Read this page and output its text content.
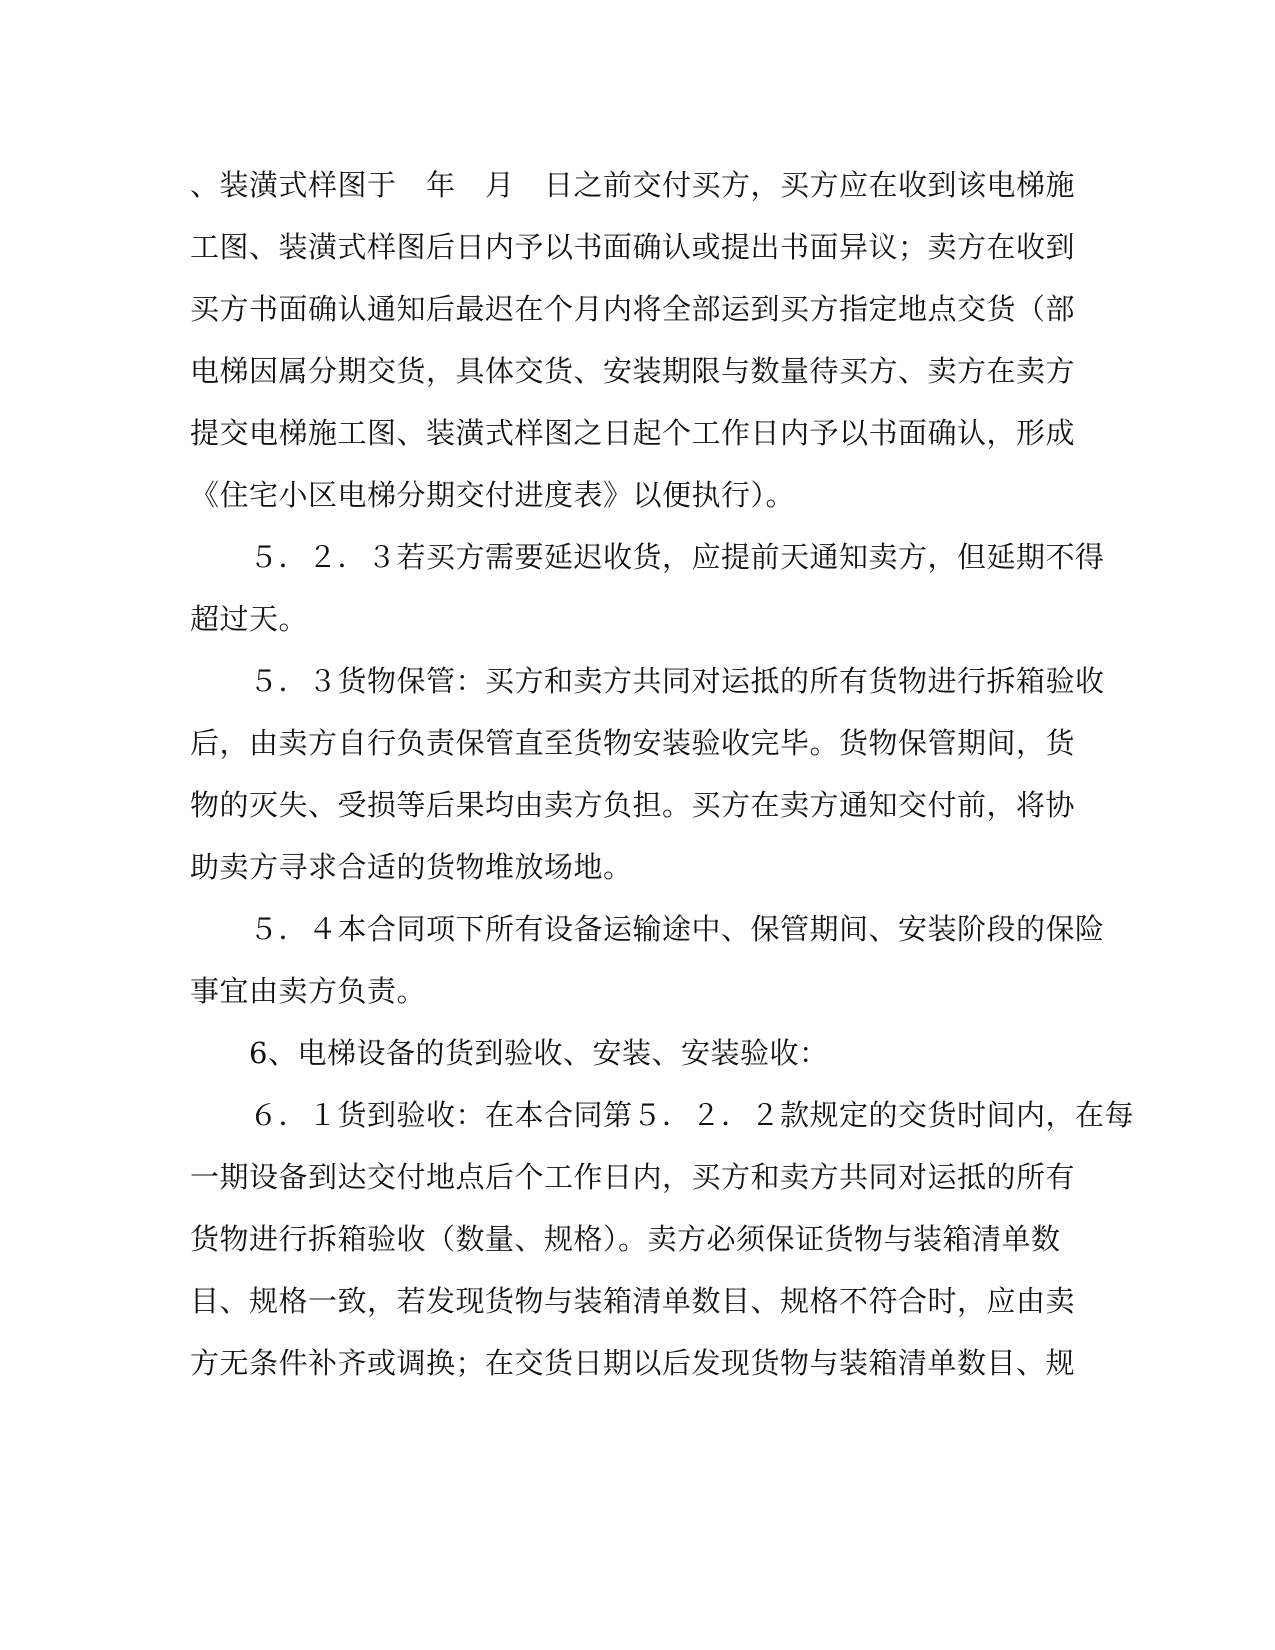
、装潢式样图于　年　月　日之前交付买方，买方应在收到该电梯施
工图、装潢式样图后日内予以书面确认或提出书面异议；卖方在收到
买方书面确认通知后最迟在个月内将全部运到买方指定地点交货（部
电梯因属分期交货，具体交货、安装期限与数量待买方、卖方在卖方
提交电梯施工图、装潢式样图之日起个工作日内予以书面确认，形成
《住宅小区电梯分期交付进度表》以便执行）。
　　５．２．３若买方需要延迟收货，应提前天通知卖方，但延期不得
超过天。
　　５．３货物保管：买方和卖方共同对运抵的所有货物进行拆箱验收
后，由卖方自行负责保管直至货物安装验收完毕。货物保管期间，货
物的灭失、受损等后果均由卖方负担。买方在卖方通知交付前，将协
助卖方寻求合适的货物堆放场地。
　　５．４本合同项下所有设备运输途中、保管期间、安装阶段的保险
事宜由卖方负责。
　　6、电梯设备的货到验收、安装、安装验收：
　　６．１货到验收：在本合同第５．２．２款规定的交货时间内，在每
一期设备到达交付地点后个工作日内，买方和卖方共同对运抵的所有
货物进行拆箱验收（数量、规格）。卖方必须保证货物与装箱清单数
目、规格一致，若发现货物与装箱清单数目、规格不符合时，应由卖
方无条件补齐或调换；在交货日期以后发现货物与装箱清单数目、规
